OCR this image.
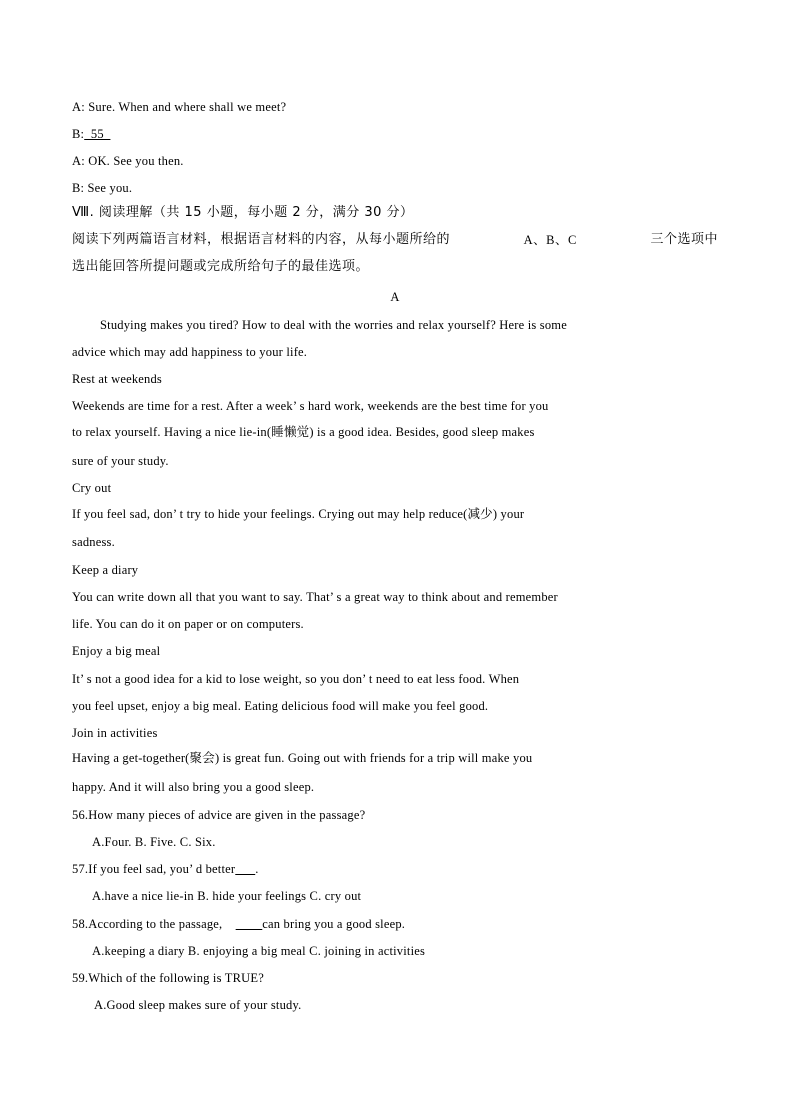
A: Sure. When and where shall we meet?
B:  55
A: OK. See you then.
B: See you.
Ⅷ. 阅读理解（共 15 小题，每小题 2 分，满分 30 分）
阅读下列两篇语言材料，根据语言材料的内容，从每小题所给的	A、B、C	三个选项中
选出能回答所提问题或完成所给句子的最佳选项。
A
Studying makes you tired? How to deal with the worries and relax yourself? Here is some
advice which may add happiness to your life.
Rest at weekends
Weekends are time for a rest. After a week’ s hard work, weekends are the best time for you
to relax yourself. Having a nice lie-in(睡懒觉) is a good idea. Besides, good sleep makes
sure of your study.
Cry out
If you feel sad, don’ t try to hide your feelings. Crying out may help reduce(减少) your
sadness.
Keep a diary
You can write down all that you want to say. That’ s a great way to think about and remember
life. You can do it on paper or on computers.
Enjoy a big meal
It’ s not a good idea for a kid to lose weight, so you don’ t need to eat less food. When
you feel upset, enjoy a big meal. Eating delicious food will make you feel good.
Join in activities
Having a get-together(聚会) is great fun. Going out with friends for a trip will make you
happy. And it will also bring you a good sleep.
56.How many pieces of advice are given in the passage?
A.Four. B. Five. C. Six.
57.If you feel sad, you’ d better .
A.have a nice lie-in B. hide your feelings C. cry out
58.According to the passage,            can bring you a good sleep.
A.keeping a diary B. enjoying a big meal C. joining in activities
59.Which of the following is TRUE?
A.Good sleep makes sure of your study.
